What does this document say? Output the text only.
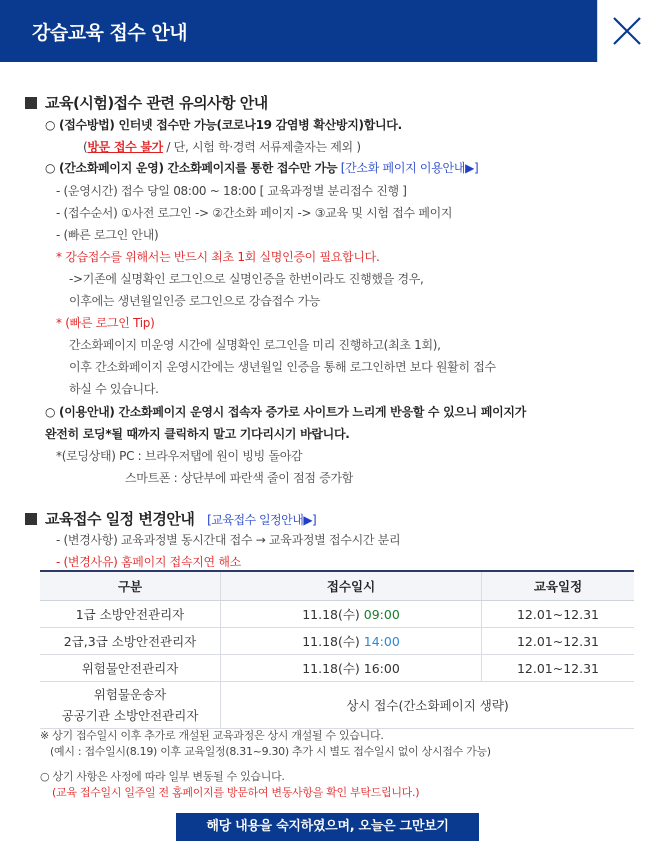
강습교육 접수 안내
교육(시험)접수 관련 유의사항 안내
○ (접수방법) 인터넷 접수만 가능(코로나19 감염병 확산방지)합니다.
(방문 접수 불가 / 단, 시험 학·경력 서류제출자는 제외 )
○ (간소화페이지 운영) 간소화페이지를 통한 접수만 가능 [간소화 페이지 이용안내▶]
- (운영시간) 접수 당일 08:00 ~ 18:00 [ 교육과정별 분리접수 진행 ]
- (접수순서) ①사전 로그인 -> ②간소화 페이지 -> ③교육 및 시험 접수 페이지
- (빠른 로그인 안내)
* 강습접수를 위해서는 반드시 최초 1회 실명인증이 필요합니다.
->기존에 실명확인 로그인으로 실명인증을 한번이라도 진행했을 경우,
이후에는 생년월일인증 로그인으로 강습접수 가능
* (빠른 로그인 Tip)
간소화페이지 미운영 시간에 실명확인 로그인을 미리 진행하고(최초 1회),
이후 간소화페이지 운영시간에는 생년월일 인증을 통해 로그인하면 보다 원활히 접수
하실 수 있습니다.
○ (이용안내) 간소화페이지 운영시 접속자 증가로 사이트가 느리게 반응할 수 있으니 페이지가
완전히 로딩*될 때까지 클릭하지 말고 기다리시기 바랍니다.
*(로딩상태) PC : 브라우저탭에 원이 빙빙 돌아감
스마트폰 : 상단부에 파란색 줄이 점점 증가함
교육접수 일정 변경안내 [교육접수 일정안내▶]
- (변경사항) 교육과정별 동시간대 접수 → 교육과정별 접수시간 분리
- (변경사유) 홈페이지 접속지연 해소
구분	접수일시	교육일정
1급 소방안전관리자	11.18(수) 09:00	12.01~12.31
2급,3급 소방안전관리자	11.18(수) 14:00	12.01~12.31
위험물안전관리자	11.18(수) 16:00	12.01~12.31

위험물운송자
공공기관 소방안전관리자	상시 접수(간소화페이지 생략)	
※ 상기 접수일시 이후 추가로 개설된 교육과정은 상시 개설될 수 있습니다.
(예시 : 접수일시(8.19) 이후 교육일정(8.31~9.30) 추가 시 별도 접수일시 없이 상시접수 가능)
○ 상기 사항은 사정에 따라 일부 변동될 수 있습니다.
(교육 접수일시 일주일 전 홈페이지를 방문하여 변동사항을 확인 부탁드립니다.)
해당 내용을 숙지하였으며, 오늘은 그만보기
